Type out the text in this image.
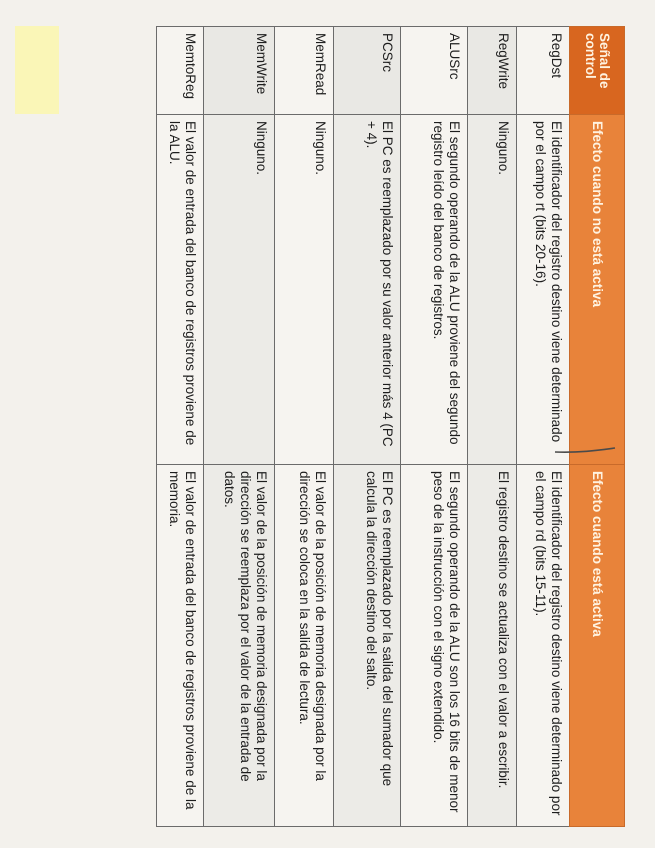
Señal de control	Efecto cuando no está activa	Efecto cuando está activa
RegDst	El identificador del registro destino viene determinado por el campo rt (bits 20-16).	El identificador del registro destino viene determinado por el campo rd (bits 15-11).
RegWrite	Ninguno.	El registro destino se actualiza con el valor a escribir.
ALUSrc	El segundo operando de la ALU proviene del segundo registro leído del banco de registros.	El segundo operando de la ALU son los 16 bits de menor peso de la instrucción con el signo extendido.
PCSrc	El PC es reemplazado por su valor anterior más 4 (PC + 4).	El PC es reemplazado por la salida del sumador que calcula la dirección destino del salto.
MemRead	Ninguno.	El valor de la posición de memoria designada por la dirección se coloca en la salida de lectura.
MemWrite	Ninguno.	El valor de la posición de memoria designada por la dirección se reemplaza por el valor de la entrada de datos.
MemtoReg	El valor de entrada del banco de registros proviene de la ALU.	El valor de entrada del banco de registros proviene de la memoria.
